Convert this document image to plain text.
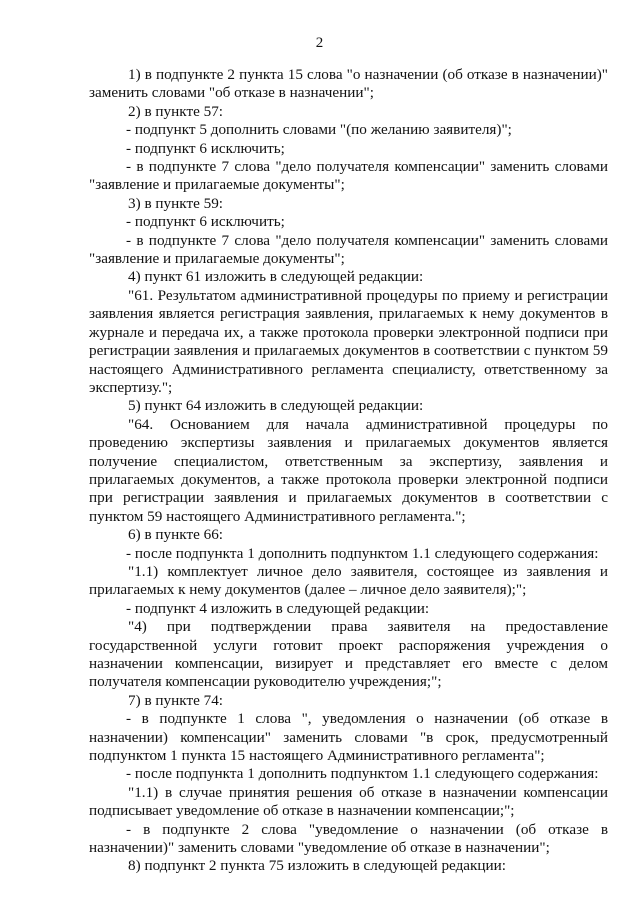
2

1) в подпункте 2 пункта 15 слова "о назначении (об отказе в назначении)" заменить словами "об отказе в назначении";

2) в пункте 57:

- подпункт 5 дополнить словами "(по желанию заявителя)";

- подпункт 6 исключить;

- в подпункте 7 слова "дело получателя компенсации" заменить словами "заявление и прилагаемые документы";

3) в пункте 59:

- подпункт 6 исключить;

- в подпункте 7 слова "дело получателя компенсации" заменить словами "заявление и прилагаемые документы";

4) пункт 61 изложить в следующей редакции:

"61. Результатом административной процедуры по приему и регистрации заявления является регистрация заявления, прилагаемых к нему документов в журнале и передача их, а также протокола проверки электронной подписи при регистрации заявления и прилагаемых документов в соответствии с пунктом 59 настоящего Административного регламента специалисту, ответственному за экспертизу.";

5) пункт 64 изложить в следующей редакции:

"64. Основанием для начала административной процедуры по проведению экспертизы заявления и прилагаемых документов является получение специалистом, ответственным за экспертизу, заявления и прилагаемых документов, а также протокола проверки электронной подписи при регистрации заявления и прилагаемых документов в соответствии с пунктом 59 настоящего Административного регламента.";

6) в пункте 66:

- после подпункта 1 дополнить подпунктом 1.1 следующего содержания:

"1.1) комплектует личное дело заявителя, состоящее из заявления и прилагаемых к нему документов (далее – личное дело заявителя);";

- подпункт 4 изложить в следующей редакции:

"4) при подтверждении права заявителя на предоставление государственной услуги готовит проект распоряжения учреждения о назначении компенсации, визирует и представляет его вместе с делом получателя компенсации руководителю учреждения;";

7) в пункте 74:

- в подпункте 1 слова ", уведомления о назначении (об отказе в назначении) компенсации" заменить словами "в срок, предусмотренный подпунктом 1 пункта 15 настоящего Административного регламента";

- после подпункта 1 дополнить подпунктом 1.1 следующего содержания:

"1.1) в случае принятия решения об отказе в назначении компенсации подписывает уведомление об отказе в назначении компенсации;";

- в подпункте 2 слова "уведомление о назначении (об отказе в назначении)" заменить словами "уведомление об отказе в назначении";

8) подпункт 2 пункта 75 изложить в следующей редакции:
